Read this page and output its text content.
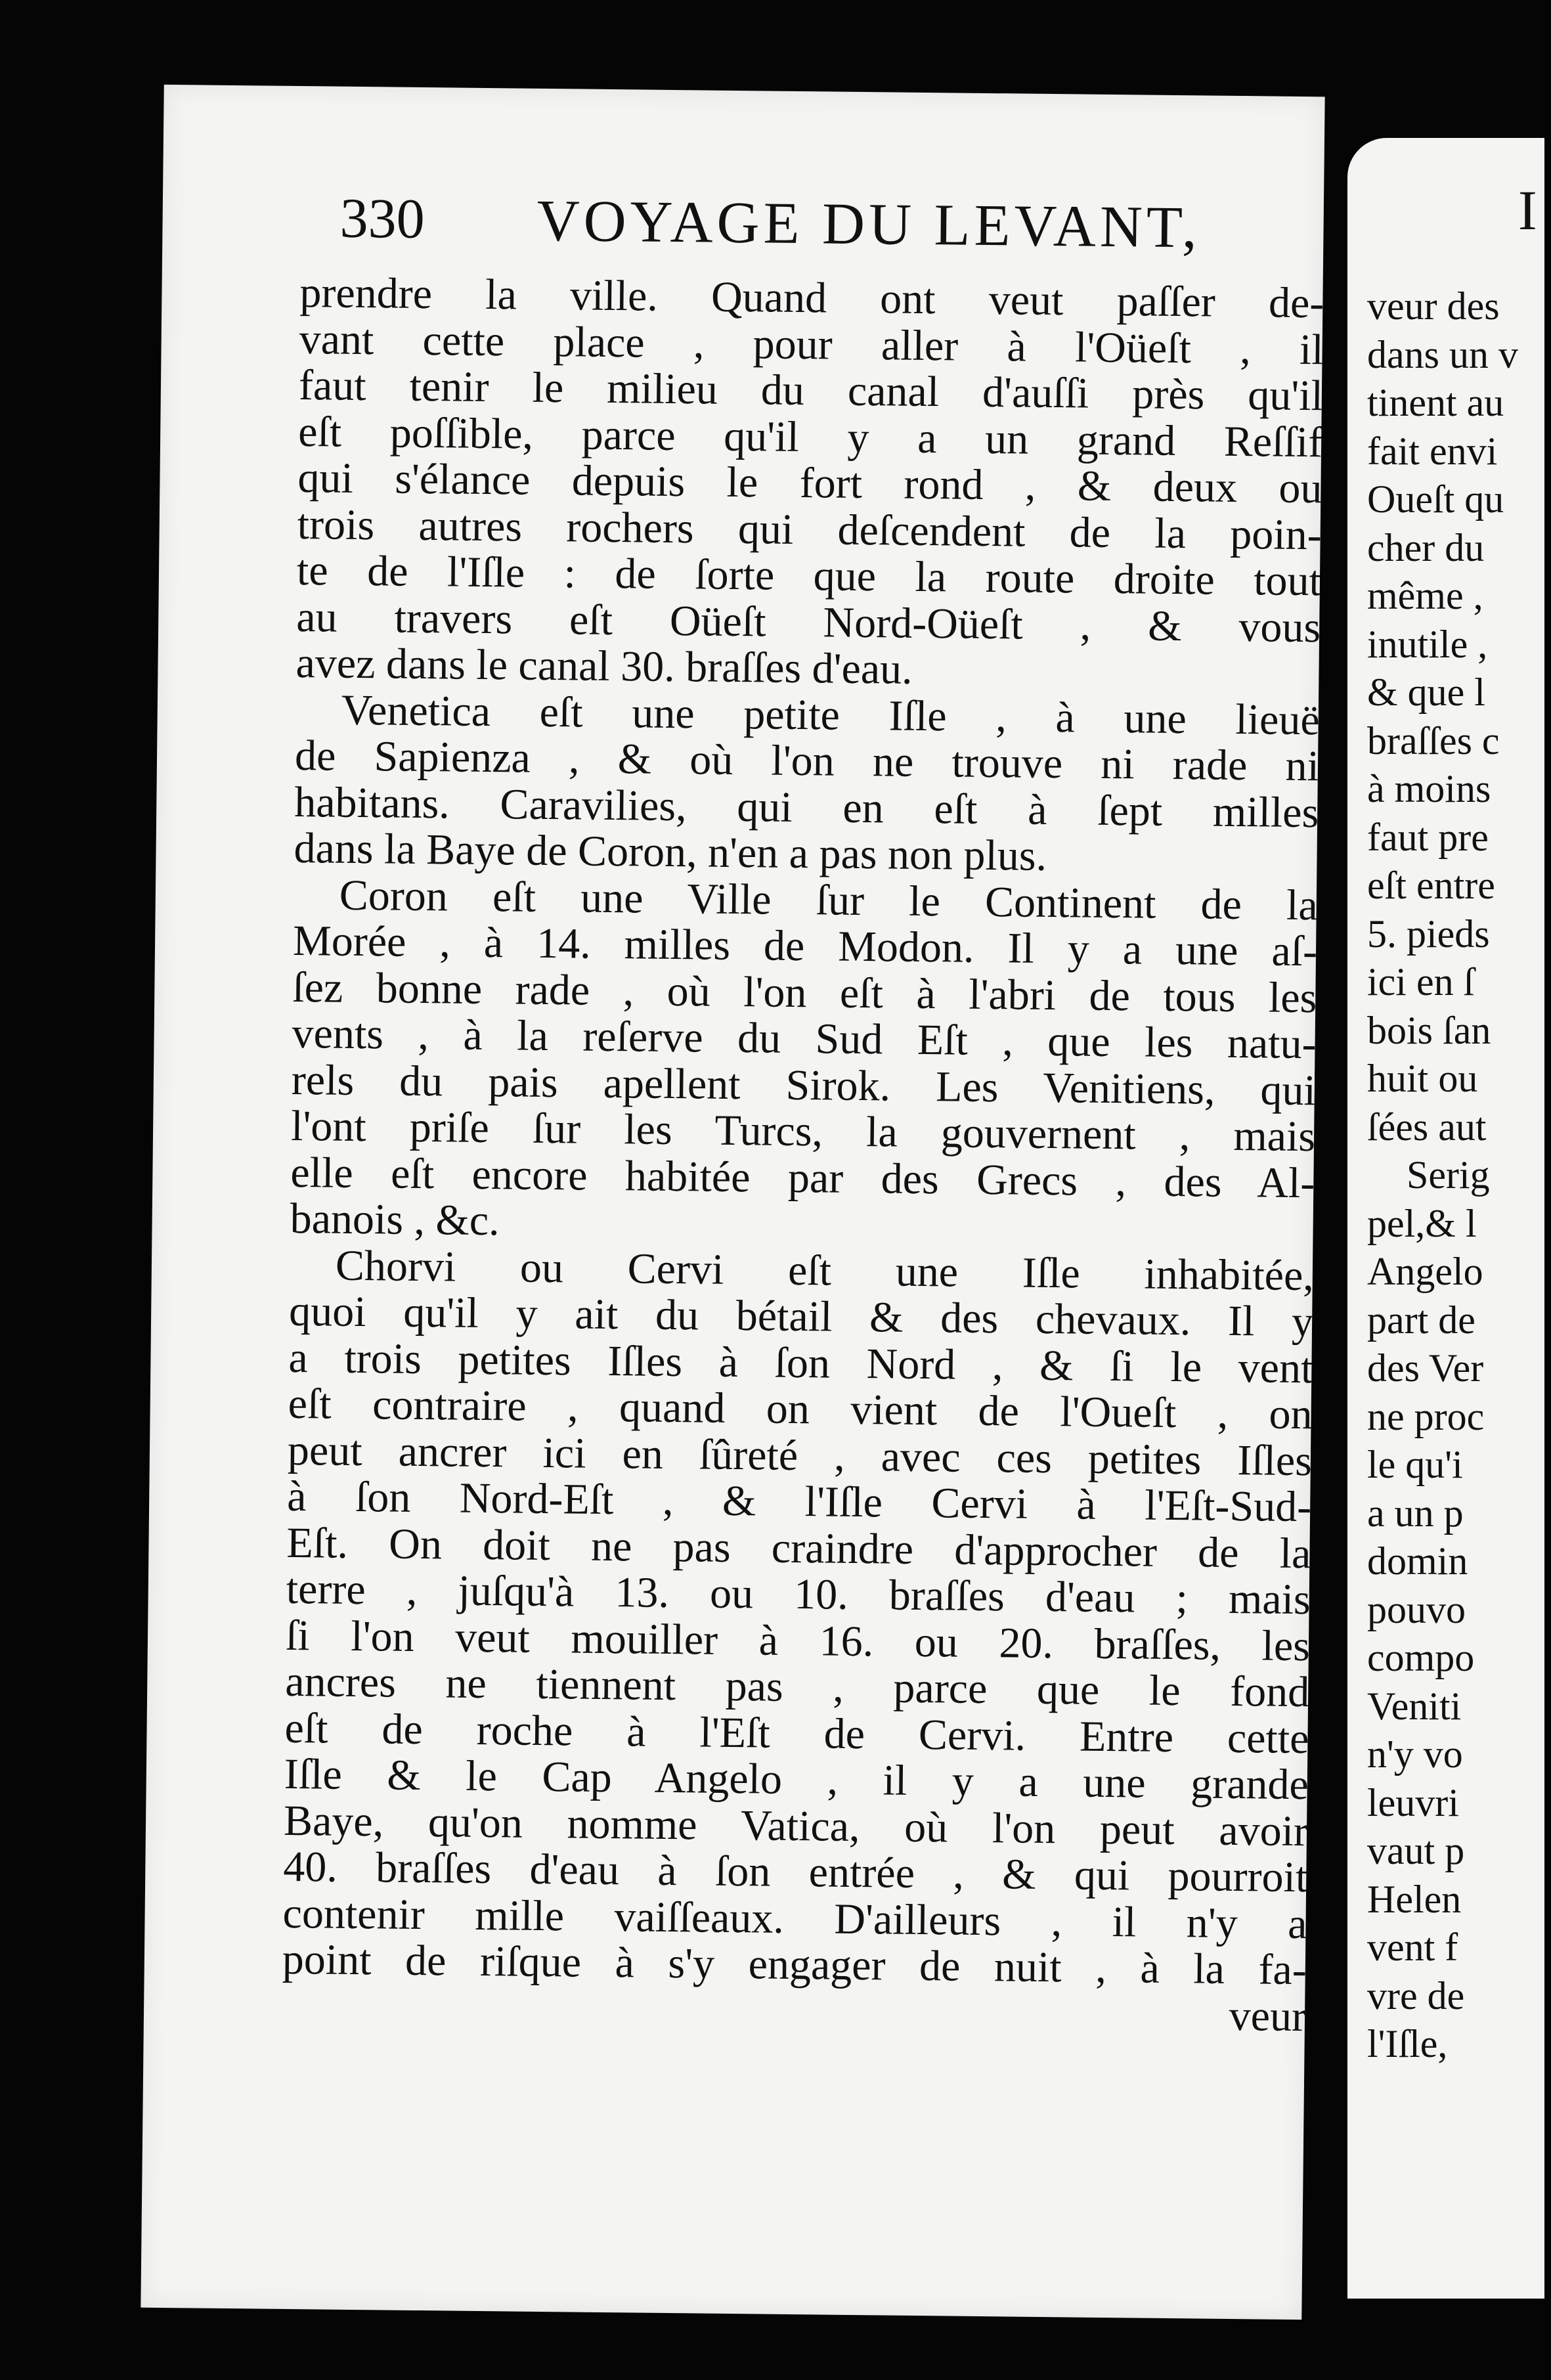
330 VOYAGE DU LEVANT,
prendre la ville. Quand ont veut paſſer de-
vant cette place , pour aller à l'Oüeſt , il
faut tenir le milieu du canal d'auſſi près qu'il
eſt poſſible, parce qu'il y a un grand Reſſif
qui s'élance depuis le fort rond , & deux ou
trois autres rochers qui deſcendent de la poin-
te de l'Iſle : de ſorte que la route droite tout
au travers eſt Oüeſt Nord-Oüeſt , & vous
avez dans le canal 30. braſſes d'eau.
Venetica eſt une petite Iſle , à une lieuë
de Sapienza , & où l'on ne trouve ni rade ni
habitans. Caravilies, qui en eſt à ſept milles
dans la Baye de Coron, n'en a pas non plus.
Coron eſt une Ville ſur le Continent de la
Morée , à 14. milles de Modon. Il y a une aſ-
ſez bonne rade , où l'on eſt à l'abri de tous les
vents , à la reſerve du Sud Eſt , que les natu-
rels du pais apellent Sirok. Les Venitiens, qui
l'ont priſe ſur les Turcs, la gouvernent , mais
elle eſt encore habitée par des Grecs , des Al-
banois , &c.
Chorvi ou Cervi eſt une Iſle inhabitée,
quoi qu'il y ait du bétail & des chevaux. Il y
a trois petites Iſles à ſon Nord , & ſi le vent
eſt contraire , quand on vient de l'Oueſt , on
peut ancrer ici en ſûreté , avec ces petites Iſles
à ſon Nord-Eſt , & l'Iſle Cervi à l'Eſt-Sud-
Eſt. On doit ne pas craindre d'approcher de la
terre , juſqu'à 13. ou 10. braſſes d'eau ; mais
ſi l'on veut mouiller à 16. ou 20. braſſes, les
ancres ne tiennent pas , parce que le fond
eſt de roche à l'Eſt de Cervi. Entre cette
Iſle & le Cap Angelo , il y a une grande
Baye, qu'on nomme Vatica, où l'on peut avoir
40. braſſes d'eau à ſon entrée , & qui pourroit
contenir mille vaiſſeaux. D'ailleurs , il n'y a
point de riſque à s'y engager de nuit , à la fa-
veur
I
veur des
dans un v
tinent au
fait envi
Oueſt qu
cher du
même ,
inutile ,
& que l
braſſes c
à moins
faut pre
eſt entre
5. pieds
ici en ſ
bois ſan
huit ou
ſées aut
Serig
pel,& l
Angelo
part de
des Ver
ne proc
le qu'i
a un p
domin
pouvo
compo
Veniti
n'y vo
leuvri
vaut p
Helen
vent f
vre de
l'Iſle,
